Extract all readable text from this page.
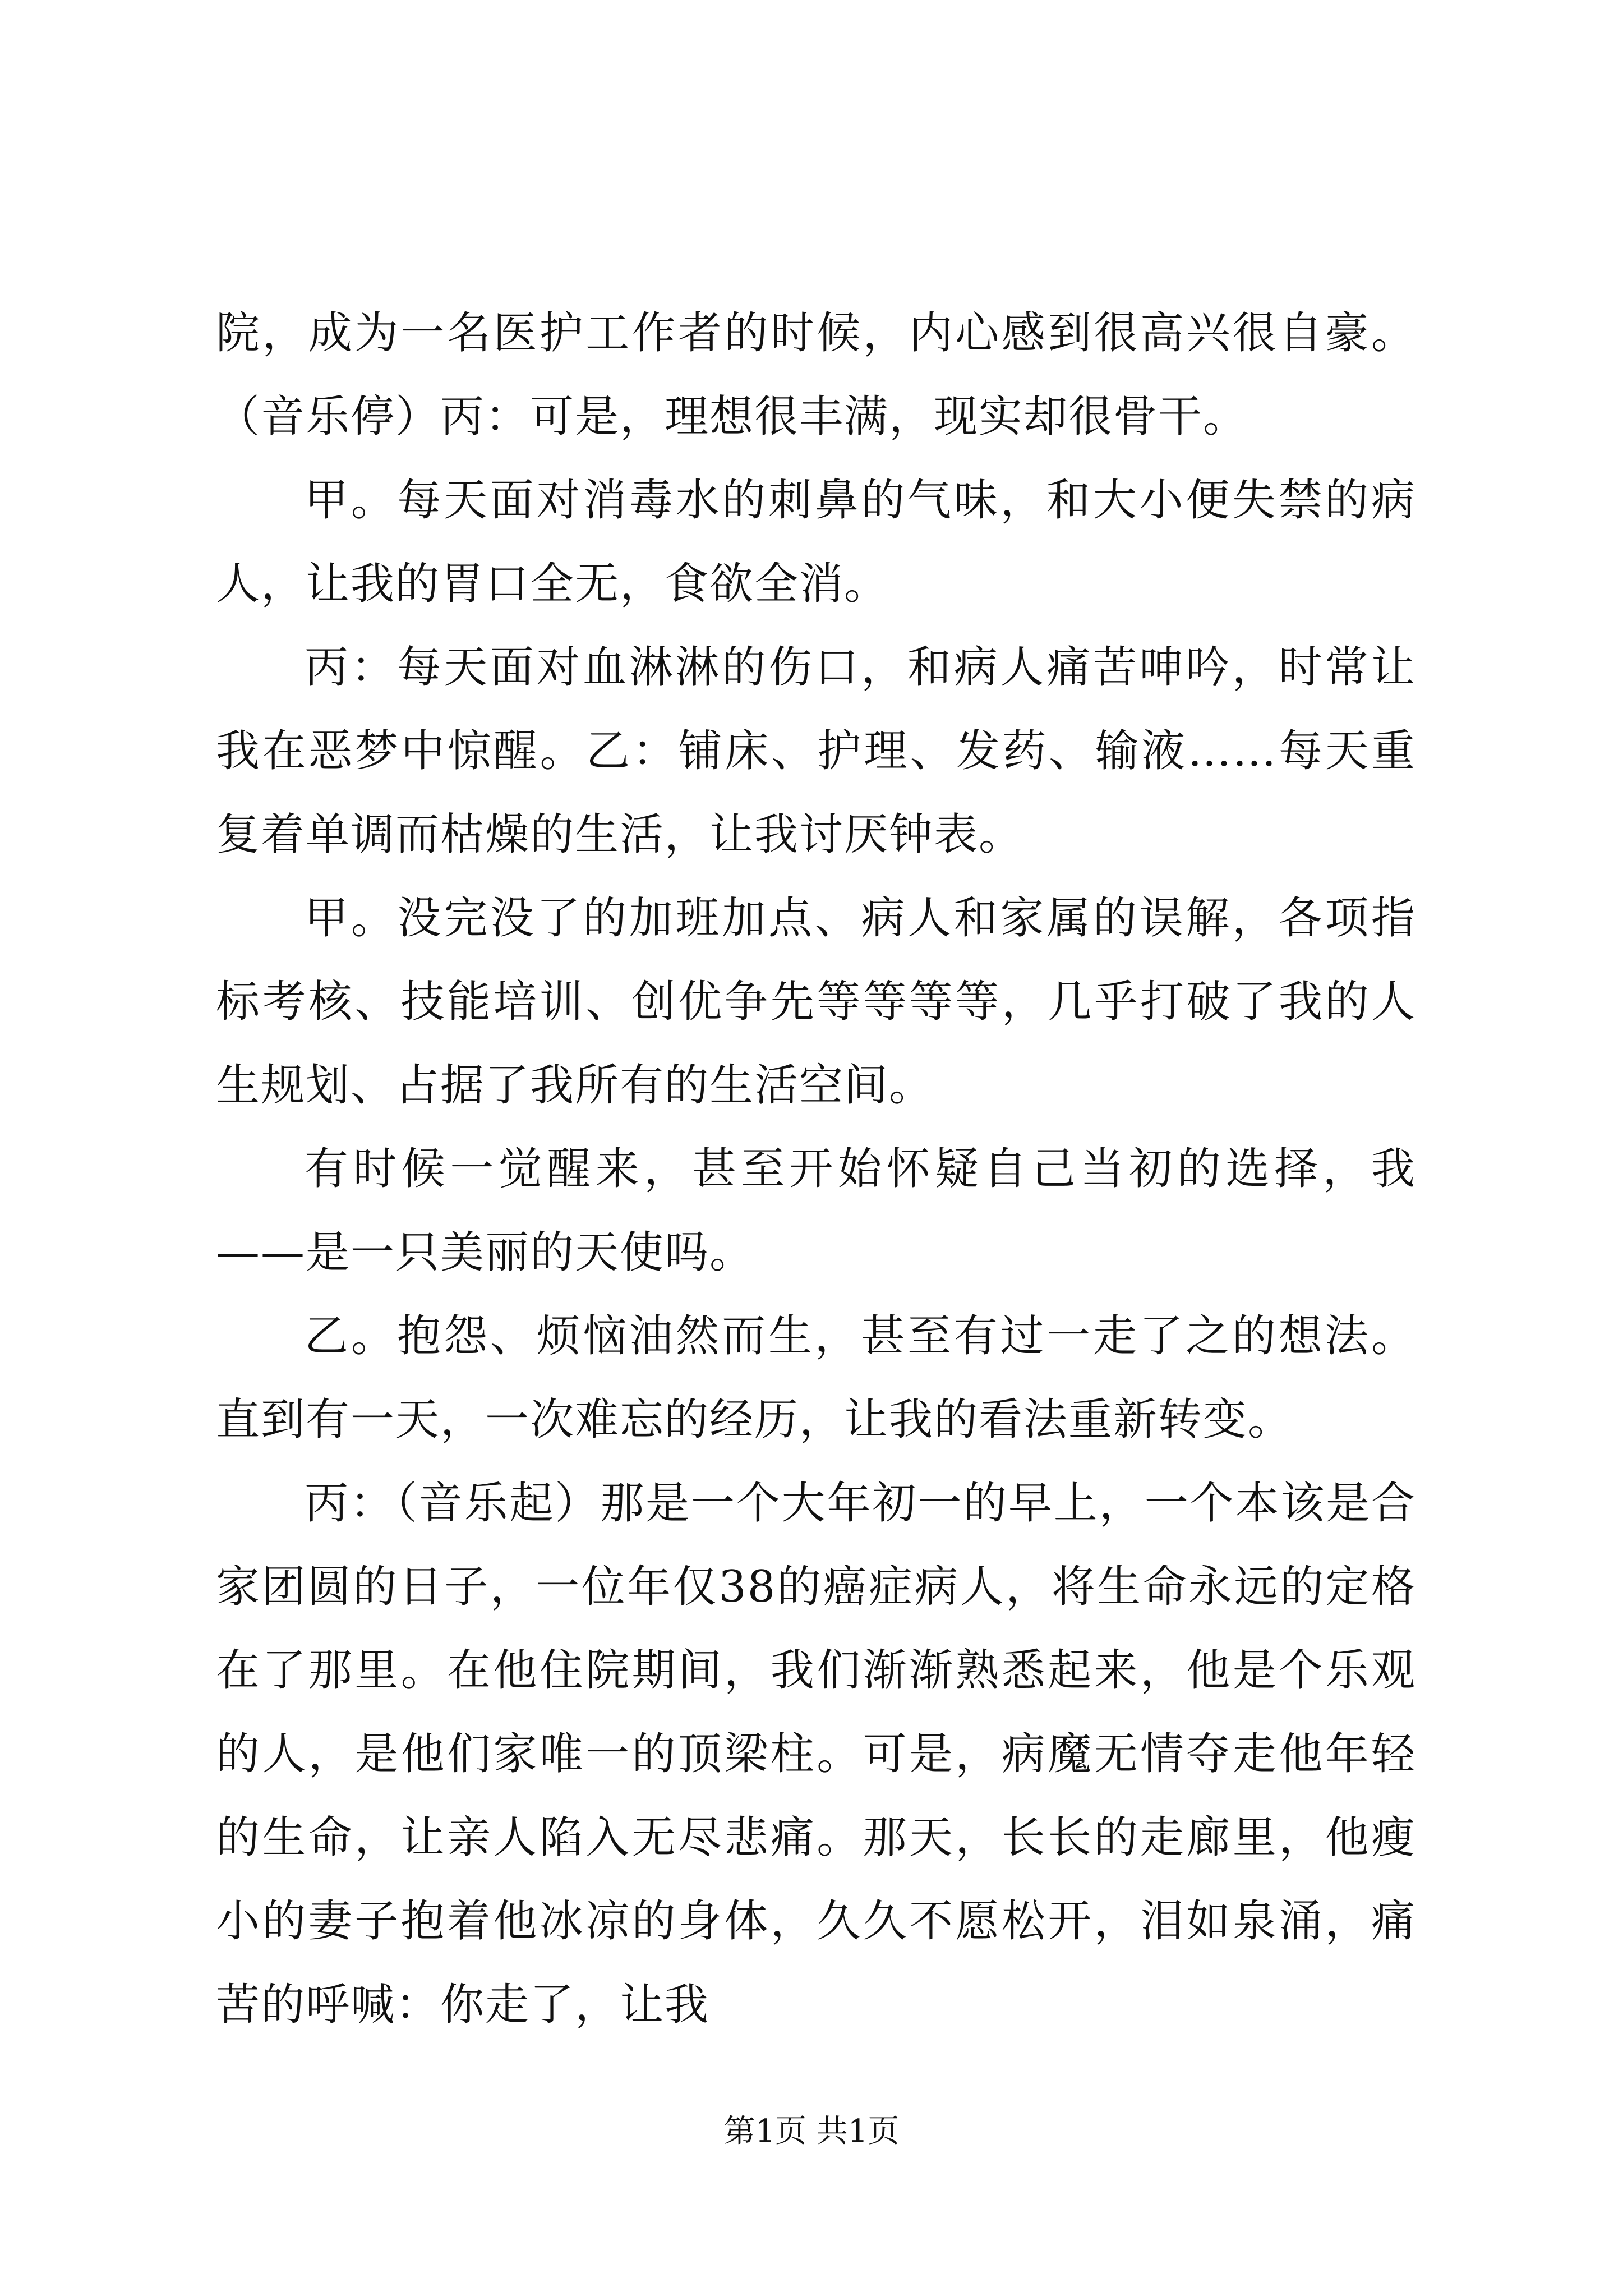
院，成为一名医护工作者的时候，内心感到很高兴很自豪。（音乐停）丙：可是，理想很丰满，现实却很骨干。

甲。每天面对消毒水的刺鼻的气味，和大小便失禁的病人，让我的胃口全无，食欲全消。

丙：每天面对血淋淋的伤口，和病人痛苦呻吟，时常让我在恶梦中惊醒。乙：铺床、护理、发药、输液……每天重复着单调而枯燥的生活，让我讨厌钟表。

甲。没完没了的加班加点、病人和家属的误解，各项指标考核、技能培训、创优争先等等等等，几乎打破了我的人生规划、占据了我所有的生活空间。

有时候一觉醒来，甚至开始怀疑自己当初的选择，我——是一只美丽的天使吗。

乙。抱怨、烦恼油然而生，甚至有过一走了之的想法。直到有一天，一次难忘的经历，让我的看法重新转变。

丙：（音乐起）那是一个大年初一的早上，一个本该是合家团圆的日子，一位年仅38的癌症病人，将生命永远的定格在了那里。在他住院期间，我们渐渐熟悉起来，他是个乐观的人，是他们家唯一的顶梁柱。可是，病魔无情夺走他年轻的生命，让亲人陷入无尽悲痛。那天，长长的走廊里，他瘦小的妻子抱着他冰凉的身体，久久不愿松开，泪如泉涌，痛苦的呼喊：你走了，让我

第1页 共1页
